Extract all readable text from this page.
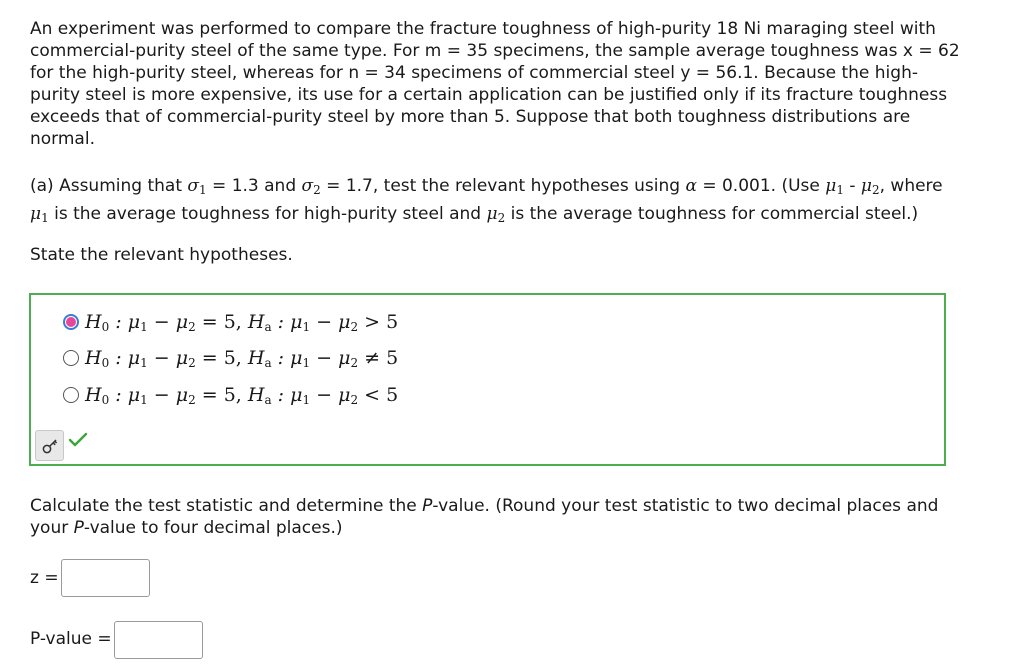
An experiment was performed to compare the fracture toughness of high-purity 18 Ni maraging steel with commercial-purity steel of the same type. For m = 35 specimens, the sample average toughness was x = 62 for the high-purity steel, whereas for n = 34 specimens of commercial steel y = 56.1. Because the high-purity steel is more expensive, its use for a certain application can be justified only if its fracture toughness exceeds that of commercial-purity steel by more than 5. Suppose that both toughness distributions are normal.

(a) Assuming that $\sigma_1 = 1.3$ and $\sigma_2 = 1.7$, test the relevant hypotheses using α = 0.001. (Use $\mu_1 - \mu_2$, where
$\mu_1$ is the average toughness for high-purity steel and $\mu_2$ is the average toughness for commercial steel.)

State the relevant hypotheses.

$H_0$ : $\mu_1 - \mu_2 = 5$, $H_a$ : $\mu_1 - \mu_2 > 5$
$H_0$ : $\mu_1 - \mu_2 = 5$, $H_a$ : $\mu_1 - \mu_2 \ne 5$
$H_0$ : $\mu_1 - \mu_2 = 5$, $H_a$ : $\mu_1 - \mu_2 < 5$

Calculate the test statistic and determine the P-value. (Round your test statistic to two decimal places and your P-value to four decimal places.)

z =
P-value =
